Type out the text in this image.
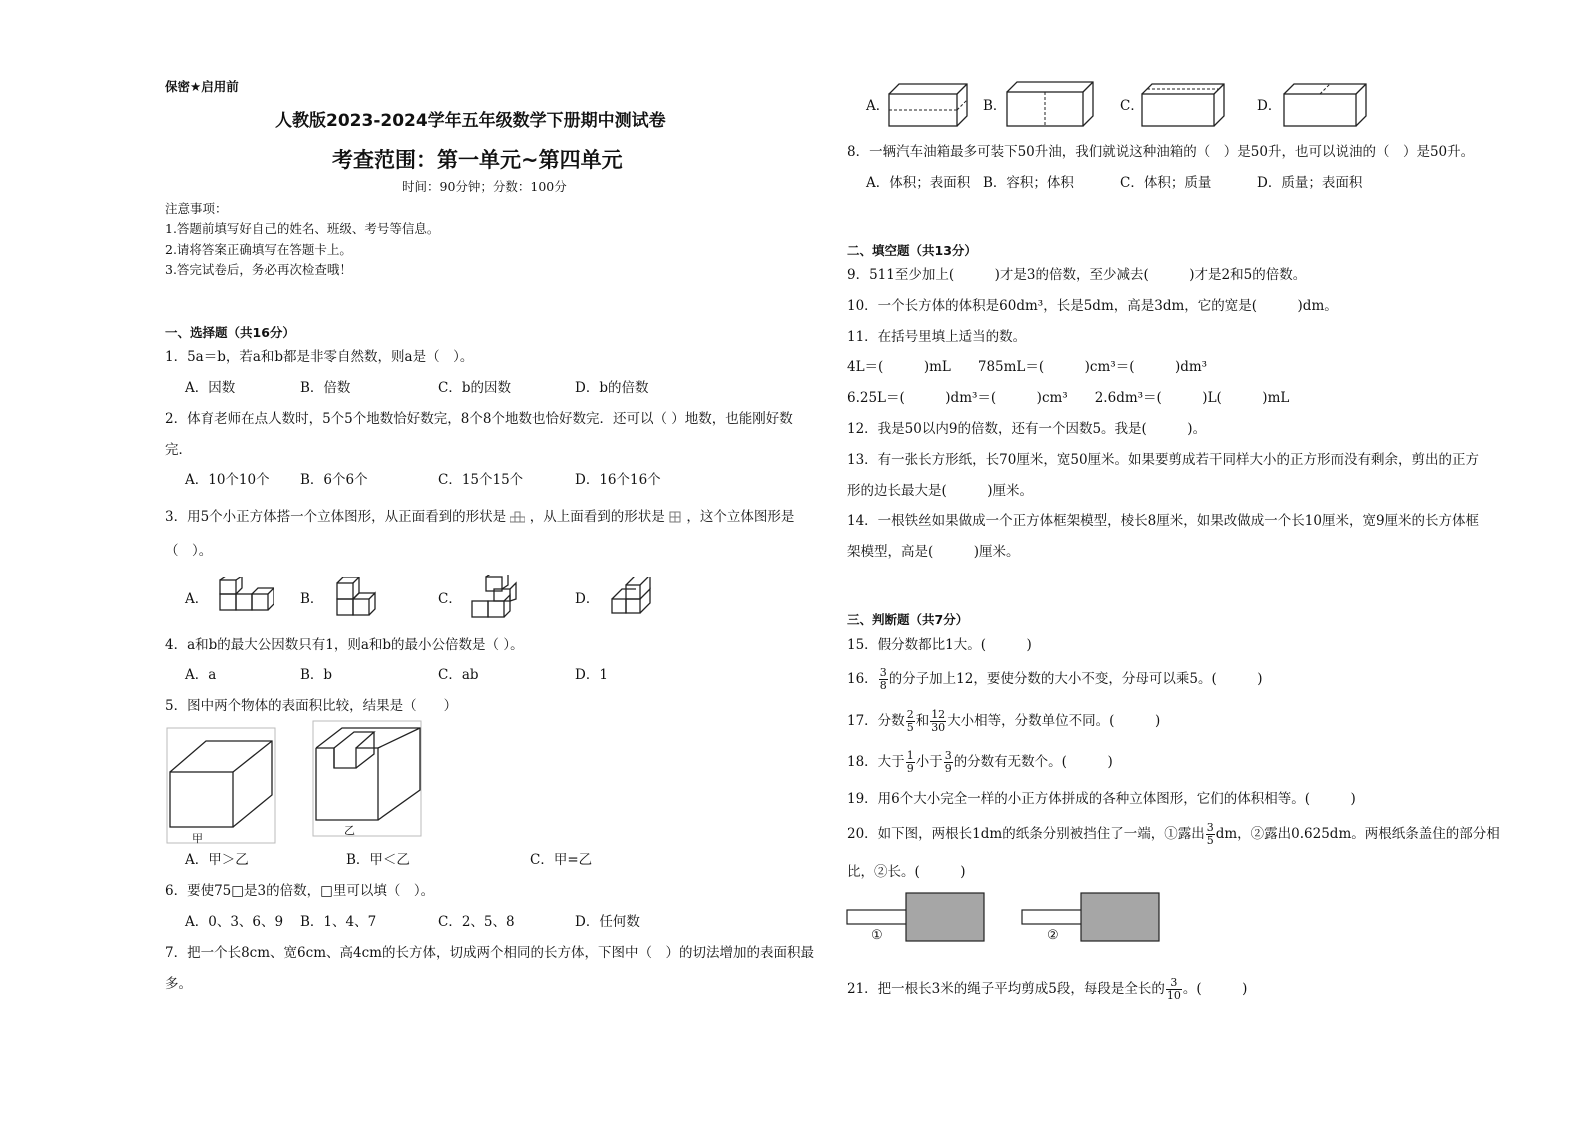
保密★启用前
人教版2023-2024学年五年级数学下册期中测试卷
考查范围：第一单元~第四单元
时间：90分钟；分数：100分
注意事项：
1.答题前填写好自己的姓名、班级、考号等信息。
2.请将答案正确填写在答题卡上。
3.答完试卷后，务必再次检查哦！
一、选择题（共16分）
1．5a＝b，若a和b都是非零自然数，则a是（　）。
A．因数	B．倍数	C．b的因数	D．b的倍数
2．体育老师在点人数时，5个5个地数恰好数完，8个8个地数也恰好数完．还可以（ ）地数，也能刚好数
完．
A．10个10个 B．6个6个	C．15个15个	D．16个16个
3．用5个小正方体搭一个立体图形，从正面看到的形状是 ，从上面看到的形状是 ，这个立体图形是
（　）。
A．	B．	C．	D．
4．a和b的最大公因数只有1，则a和b的最小公倍数是（ ）。
A．a	B．b	C．ab	D．1
5．图中两个物体的表面积比较，结果是（　　）
甲
乙
A．甲＞乙	B．甲＜乙	C．甲=乙
6．要使75□是3的倍数，□里可以填（　）。
A．0、3、6、9 B．1、4、7	C．2、5、8	D．任何数
7．把一个长8cm、宽6cm、高4cm的长方体，切成两个相同的长方体，下图中（　）的切法增加的表面积最
多。
A．	B．	C．	D．
8．一辆汽车油箱最多可装下50升油，我们就说这种油箱的（　）是50升，也可以说油的（　）是50升。
A．体积；表面积 B．容积；体积	C．体积；质量	D．质量；表面积
二、填空题（共13分）
9．511至少加上(　　　)才是3的倍数，至少减去(　　　)才是2和5的倍数。
10．一个长方体的体积是60dm³，长是5dm，高是3dm，它的宽是(　　　)dm。
11．在括号里填上适当的数。
4L＝(　　　)mL　　785mL＝(　　　)cm³＝(　　　)dm³
6.25L＝(　　　)dm³＝(　　　)cm³　　2.6dm³＝(　　　)L(　　　)mL
12．我是50以内9的倍数，还有一个因数5。我是(　　　)。
13．有一张长方形纸，长70厘米，宽50厘米。如果要剪成若干同样大小的正方形而没有剩余，剪出的正方
形的边长最大是(　　　)厘米。
14．一根铁丝如果做成一个正方体框架模型，棱长8厘米，如果改做成一个长10厘米，宽9厘米的长方体框
架模型，高是(　　　)厘米。
三、判断题（共7分）
15．假分数都比1大。(　　　)
16． $\frac{3}{8}$ 的分子加上12，要使分数的大小不变，分母可以乘5。(　　　)
17．分数 $\frac{2}{5}$ 和 $\frac{12}{30}$ 大小相等，分数单位不同。(　　　)
18．大于 $\frac{1}{9}$ 小于 $\frac{3}{9}$ 的分数有无数个。(　　　)
19．用6个大小完全一样的小正方体拼成的各种立体图形，它们的体积相等。(　　　)
20．如下图，两根长1dm的纸条分别被挡住了一端，①露出 $\frac{3}{5}$ dm，②露出0.625dm。两根纸条盖住的部分相
比，②长。(　　　)
①	②
21．把一根长3米的绳子平均剪成5段，每段是全长的 $\frac{3}{10}$ 。(　　　)
